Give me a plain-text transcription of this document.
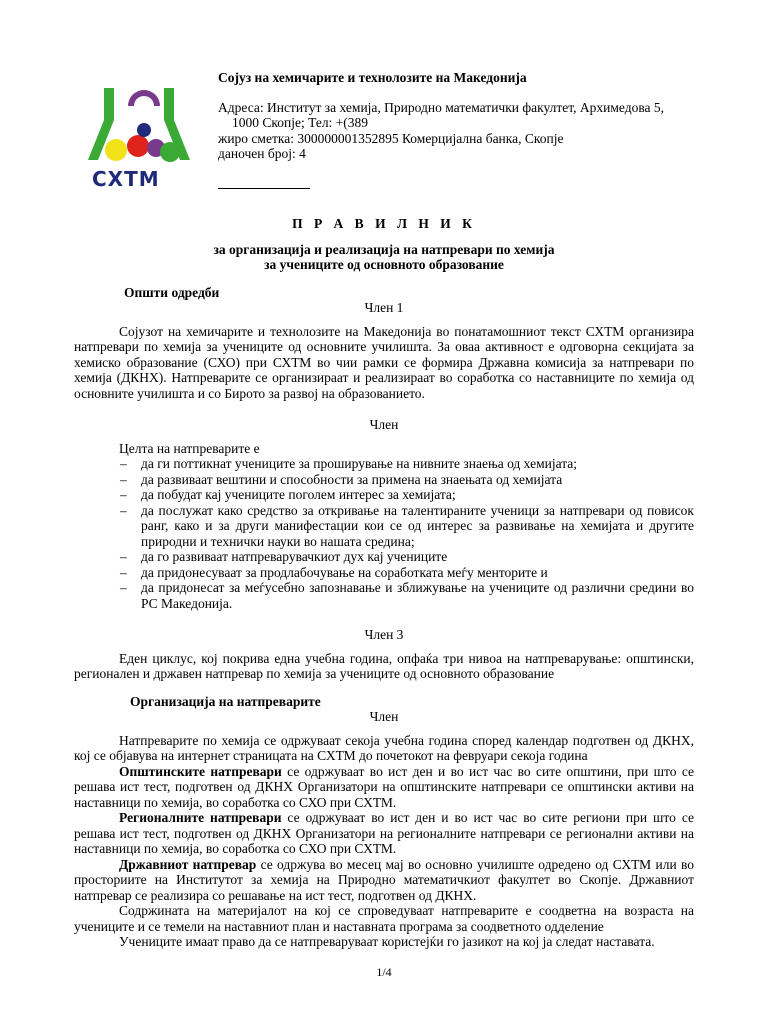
СХТМ
Сојуз на хемичарите и технолозите на Македонија
Адреса: Институт за хемија, Природно математички факултет, Архимедова 5,
1000 Скопје; Тел: +(389
жиро сметка: 300000001352895 Комерцијална банка, Скопје
даночен број: 4
П Р А В И Л Н И К
за организација и реализација на натпревари по хемија
за учениците од основното образование
Општи одредби
Член 1

Сојузот на хемичарите и технолозите на Македонија во понатамошниот текст СХТМ организира натпревари по хемија за учениците од основните училишта. За оваа активност е одговорна секцијата за хемиско образование (СХО) при СХТМ во чии рамки се формира Државна комисија за натпревари по хемија (ДКНХ). Натпреварите се организираат и реализираат во соработка со наставниците по хемија од основните училишта и со Бирото за развој на образованието.

Член

Целта на натпреварите е

– да ги поттикнат учениците за проширување на нивните знаења од хемијата;
– да развиваат вештини и способности за примена на знаењата од хемијата
– да побудат кај учениците поголем интерес за хемијата;
– да послужат како средство за откривање на талентираните ученици за натпревари од повисок ранг, како и за други манифестации кои се од интерес за развивање на хемијата и другите природни и технички науки во нашата средина;
– да го развиваат натпреварувачкиот дух кај учениците
– да придонесуваат за продлабочување на соработката меѓу менторите и
– да придонесат за меѓусебно запознавање и зближување на учениците од различни средини во РС Македонија.
Член 3

Еден циклус, кој покрива една учебна година, опфаќа три нивоа на натпреварување: општински, регионален и државен натпревар по хемија за учениците од основното образование

Организација на натпреварите
Член

Натпреварите по хемија се одржуваат секоја учебна година според календар подготвен од ДКНХ, кој се објавува на интернет страницата на СХТМ до почетокот на февруари секоја година

Општинските натпревари се одржуваат во ист ден и во ист час во сите општини, при што се решава ист тест, подготвен од ДКНХ Организатори на општинските натпревари се општински активи на наставници по хемија, во соработка со СХО при СХТМ.

Регионалните натпревари се одржуваат во ист ден и во ист час во сите региони при што се решава ист тест, подготвен од ДКНХ Организатори на регионалните натпревари се регионални активи на наставници по хемија, во соработка со СХО при СХТМ.

Државниот натпревар се одржува во месец мај во основно училиште одредено од СХТМ или во просториите на Институтот за хемија на Природно математичкиот факултет во Скопје. Државниот натпревар се реализира со решавање на ист тест, подготвен од ДКНХ.

Содржината на материјалот на кој се спроведуваат натпреварите е соодветна на возраста на учениците и се темели на наставниот план и наставната програма за соодветното одделение

Учениците имаат право да се натпреваруваат користејќи го јазикот на кој ја следат наставата.

1/4
